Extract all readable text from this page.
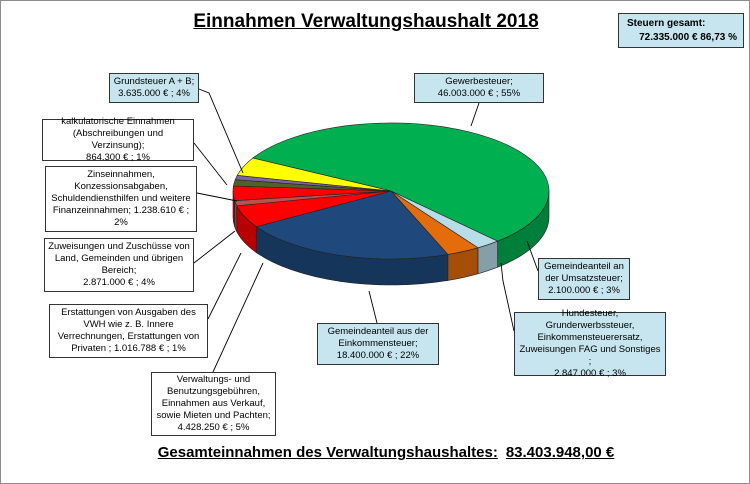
Einnahmen Verwaltungshaushalt 2018	Steuern gesamt:
72.335.000 € 86,73 %
Gewerbesteuer;
46.003.000 € ; 55%
Gemeindeanteil an
der Umsatzsteuer;
2.100.000 € ; 3%
Hundesteuer,
Grunderwerbssteuer,
Einkommensteuerersatz,
Zuweisungen FAG und Sonstiges ;
2.847.000 € ; 3%
Gemeindeanteil aus der
Einkommensteuer;
18.400.000 € ; 22%
Verwaltungs- und
Benutzungsgebühren,
Einnahmen aus Verkauf,
sowie Mieten und Pachten;
4.428.250 € ; 5%
Erstattungen von Ausgaben des
VWH wie z. B. Innere
Verrechnungen, Erstattungen von
Privaten ; 1.016.788 € ; 1%
Zuweisungen und Zuschüsse von
Land, Gemeinden und übrigen
Bereich;
2.871.000 € ; 4%
Zinseinnahmen,
Konzessionsabgaben,
Schuldendiensthilfen und weitere
Finanzeinnahmen; 1.238.610 € ;
2%
kalkulatorische Einnahmen
(Abschreibungen und Verzinsung);
864.300 € ; 1%
Grundsteuer A + B;
3.635.000 € ; 4%
Gesamteinnahmen des Verwaltungshaushaltes: 83.403.948,00 €
